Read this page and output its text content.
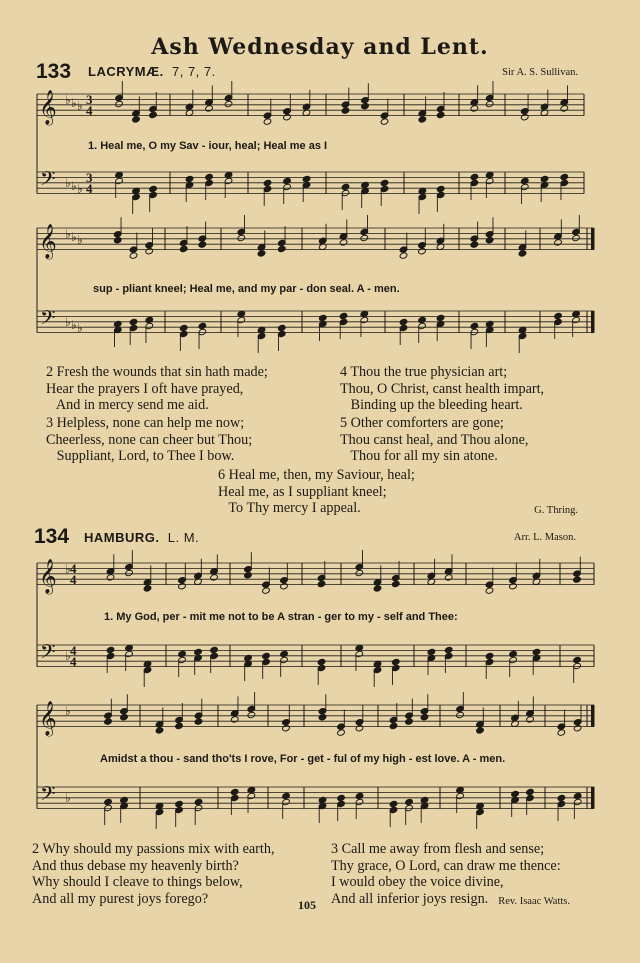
Ash Wednesday and Lent.
133 LACRYMÆ. 7, 7, 7.	Sir A. S. Sullivan.
𝄞
𝄢
♭
♭
♭
♭
♭
♭
𝄞
𝄢
♭
♭
♭
♭
♭
♭
𝄞
𝄢
♭
♭
𝄞
𝄢
♭
♭
3
4
3
4
4
4
4
4
1. Heal me, O my Sav - iour, heal; Heal me as I
sup - pliant kneel; Heal me, and my par - don seal. A - men.
2 Fresh the wounds that sin hath made;
Hear the prayers I oft have prayed,
And in mercy send me aid.
3 Helpless, none can help me now;
Cheerless, none can cheer but Thou;
Suppliant, Lord, to Thee I bow.
4 Thou the true physician art;
Thou, O Christ, canst health impart,
Binding up the bleeding heart.
5 Other comforters are gone;
Thou canst heal, and Thou alone,
Thou for all my sin atone.
6 Heal me, then, my Saviour, heal;
Heal me, as I suppliant kneel;
To Thy mercy I appeal.	G. Thring.
134 HAMBURG. L. M.	Arr. L. Mason.
1. My God, per - mit me not to be A stran - ger to my - self and Thee:
Amidst a thou - sand tho'ts I rove, For - get - ful of my high - est love. A - men.
2 Why should my passions mix with earth,
And thus debase my heavenly birth?
Why should I cleave to things below,
And all my purest joys forego?
3 Call me away from flesh and sense;
Thy grace, O Lord, can draw me thence:
I would obey the voice divine,
And all inferior joys resign.
105	Rev. Isaac Watts.
